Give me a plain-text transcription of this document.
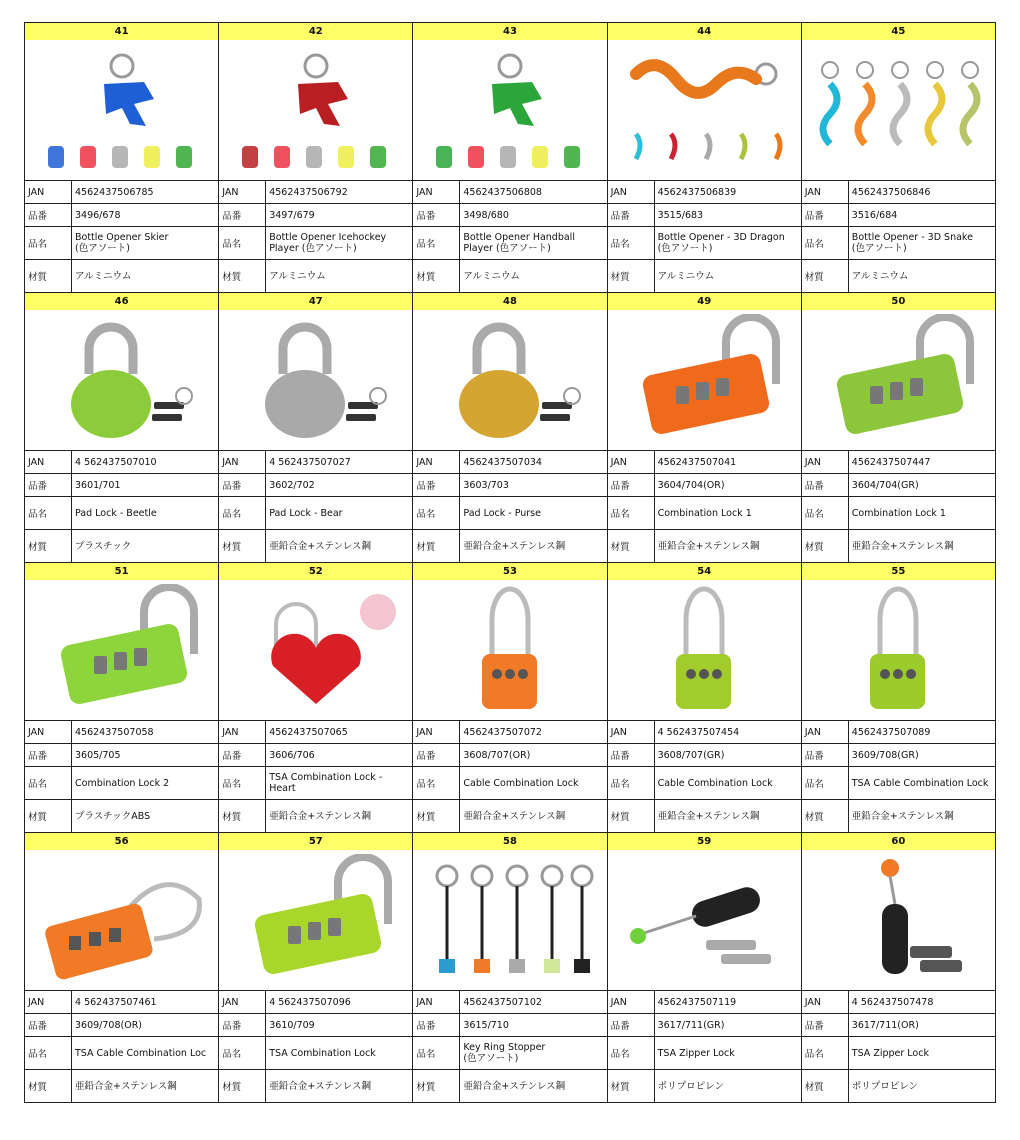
41
JAN	4562437506785
品番	3496/678
品名
Bottle Opener Skier
(色アソート)
材質	アルミニウム
42
JAN	4562437506792
品番	3497/679
品名
Bottle Opener Icehockey
Player (色アソート)
材質	アルミニウム
43
JAN	4562437506808
品番	3498/680
品名
Bottle Opener Handball
Player (色アソート)
材質	アルミニウム
44
JAN	4562437506839
品番	3515/683
品名
Bottle Opener - 3D Dragon
(色アソート)
材質	アルミニウム
45
JAN	4562437506846
品番	3516/684
品名
Bottle Opener - 3D Snake
(色アソート)
材質	アルミニウム
46
JAN	4 562437507010
品番	3601/701
品名	Pad Lock - Beetle
材質	プラスチック
47
JAN	4 562437507027
品番	3602/702
品名	Pad Lock - Bear
材質	亜鉛合金+ステンレス鋼
48
JAN	4562437507034
品番	3603/703
品名	Pad Lock - Purse
材質	亜鉛合金+ステンレス鋼
49
JAN	4562437507041
品番	3604/704(OR)
品名	Combination Lock 1
材質	亜鉛合金+ステンレス鋼
50
JAN	4562437507447
品番	3604/704(GR)
品名	Combination Lock 1
材質	亜鉛合金+ステンレス鋼
51
JAN	4562437507058
品番	3605/705
品名	Combination Lock 2
材質	プラスチックABS
52
JAN	4562437507065
品番	3606/706
品名
TSA Combination Lock -
Heart
材質	亜鉛合金+ステンレス鋼
53
JAN	4562437507072
品番	3608/707(OR)
品名	Cable Combination Lock
材質	亜鉛合金+ステンレス鋼
54
JAN	4 562437507454
品番	3608/707(GR)
品名	Cable Combination Lock
材質	亜鉛合金+ステンレス鋼
55
JAN	4562437507089
品番	3609/708(GR)
品名	TSA Cable Combination Lock
材質	亜鉛合金+ステンレス鋼
56
JAN	4 562437507461
品番	3609/708(OR)
品名	TSA Cable Combination Loc
材質	亜鉛合金+ステンレス鋼
57
JAN	4 562437507096
品番	3610/709
品名	TSA Combination Lock
材質	亜鉛合金+ステンレス鋼
58
JAN	4562437507102
品番	3615/710
品名
Key Ring Stopper
(色アソート)
材質	亜鉛合金+ステンレス鋼
59
JAN	4562437507119
品番	3617/711(GR)
品名	TSA Zipper Lock
材質	ポリプロピレン
60
JAN	4 562437507478
品番	3617/711(OR)
品名	TSA Zipper Lock
材質	ポリプロピレン
